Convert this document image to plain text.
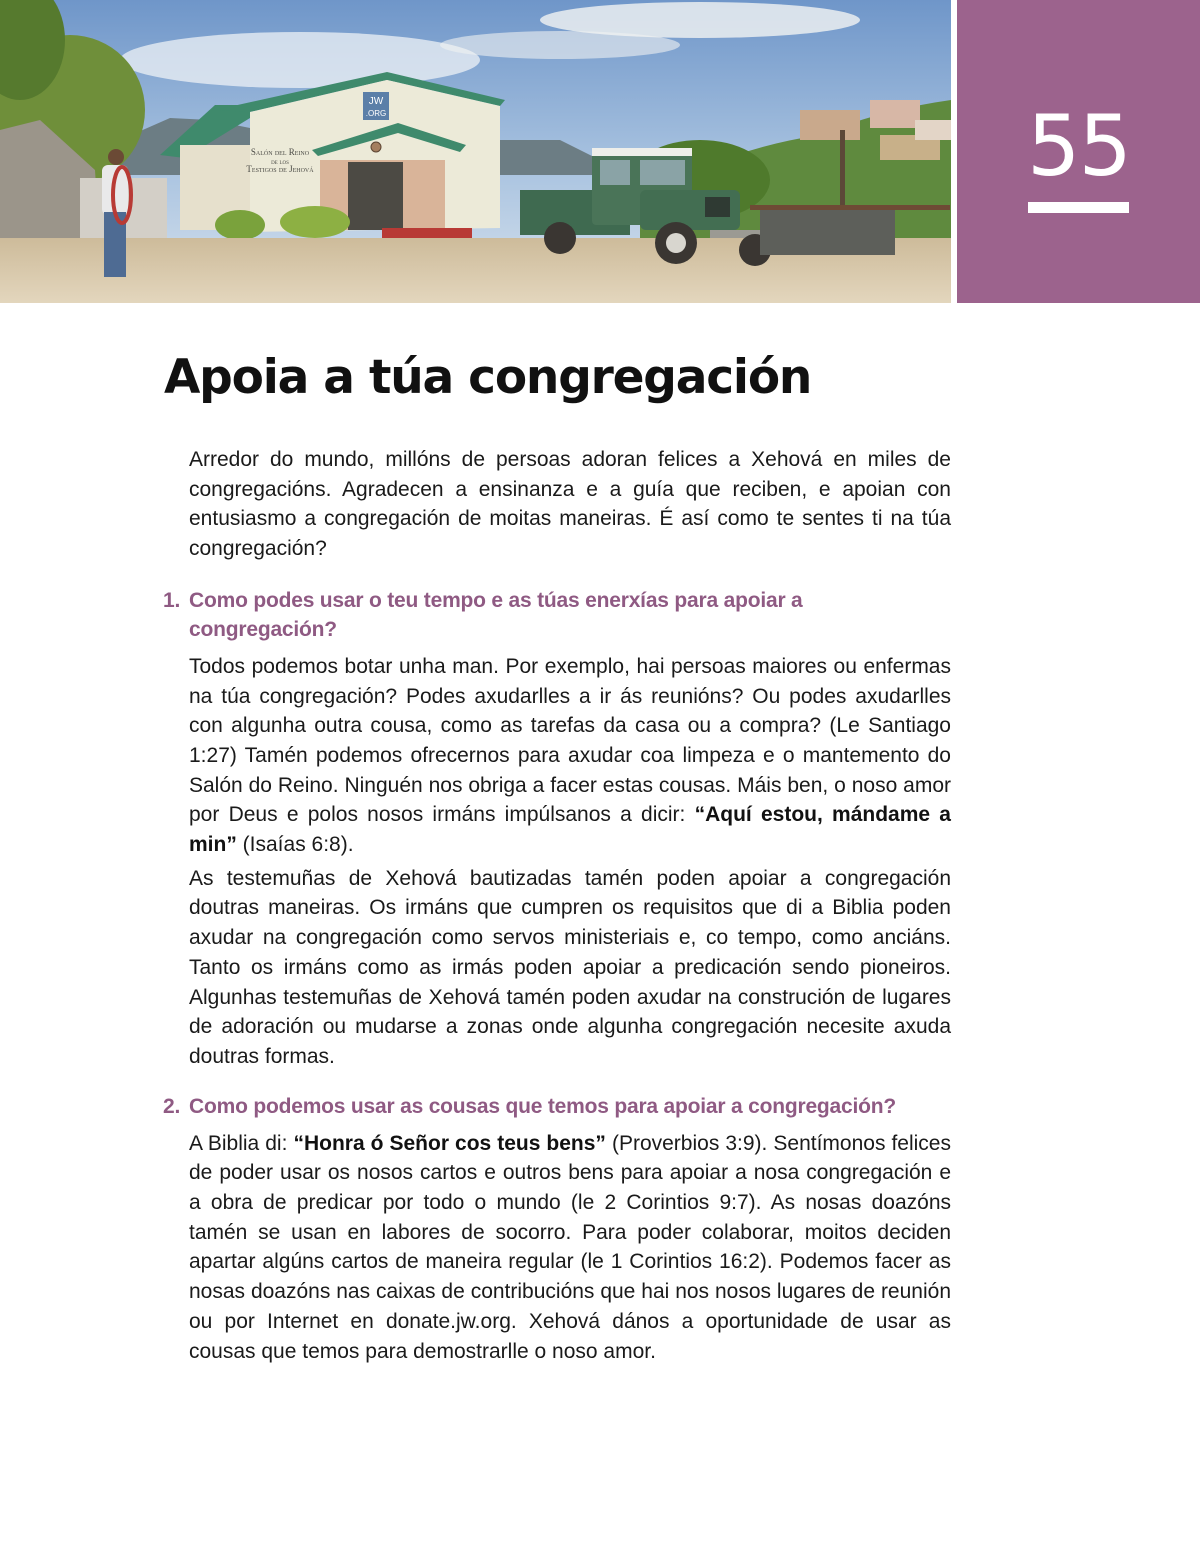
JW
.ORG
Salón del Reino
de los
Testigos de Jehová	55
Apoia a túa congregación

Arredor do mundo, millóns de persoas adoran felices a Xehová en miles de congregacións. Agradecen a ensinanza e a guía que reciben, e apoian con entusiasmo a congregación de moitas maneiras. É así como te sentes ti na túa congregación?

1. Como podes usar o teu tempo e as túas enerxías para apoiar a congregación?

Todos podemos botar unha man. Por exemplo, hai persoas maiores ou enfermas na túa congregación? Podes axudarlles a ir ás reunións? Ou podes axudarlles con algunha outra cousa, como as tarefas da casa ou a compra? (Le Santiago 1:27) Tamén podemos ofrecernos para axudar coa limpeza e o mantemento do Salón do Reino. Ninguén nos obriga a facer estas cousas. Máis ben, o noso amor por Deus e polos nosos irmáns impúlsanos a dicir: “Aquí estou, mándame a min” (Isaías 6:8).

As testemuñas de Xehová bautizadas tamén poden apoiar a congregación doutras maneiras. Os irmáns que cumpren os requisitos que di a Biblia poden axudar na congregación como servos ministeriais e, co tempo, como anciáns. Tanto os irmáns como as irmás poden apoiar a predicación sendo pioneiros. Algunhas testemuñas de Xehová tamén poden axudar na construción de lugares de adoración ou mudarse a zonas onde algunha congregación necesite axuda doutras formas.

2. Como podemos usar as cousas que temos para apoiar a congregación?

A Biblia di: “Honra ó Señor cos teus bens” (Proverbios 3:9). Sentímonos felices de poder usar os nosos cartos e outros bens para apoiar a nosa congregación e a obra de predicar por todo o mundo (le 2 Corintios 9:7). As nosas doazóns tamén se usan en labores de socorro. Para poder colaborar, moitos deciden apartar algúns cartos de maneira regular (le 1 Corintios 16:2). Podemos facer as nosas doazóns nas caixas de contribucións que hai nos nosos lugares de reunión ou por Internet en donate.jw.org. Xehová dános a oportunidade de usar as cousas que temos para demostrarlle o noso amor.
